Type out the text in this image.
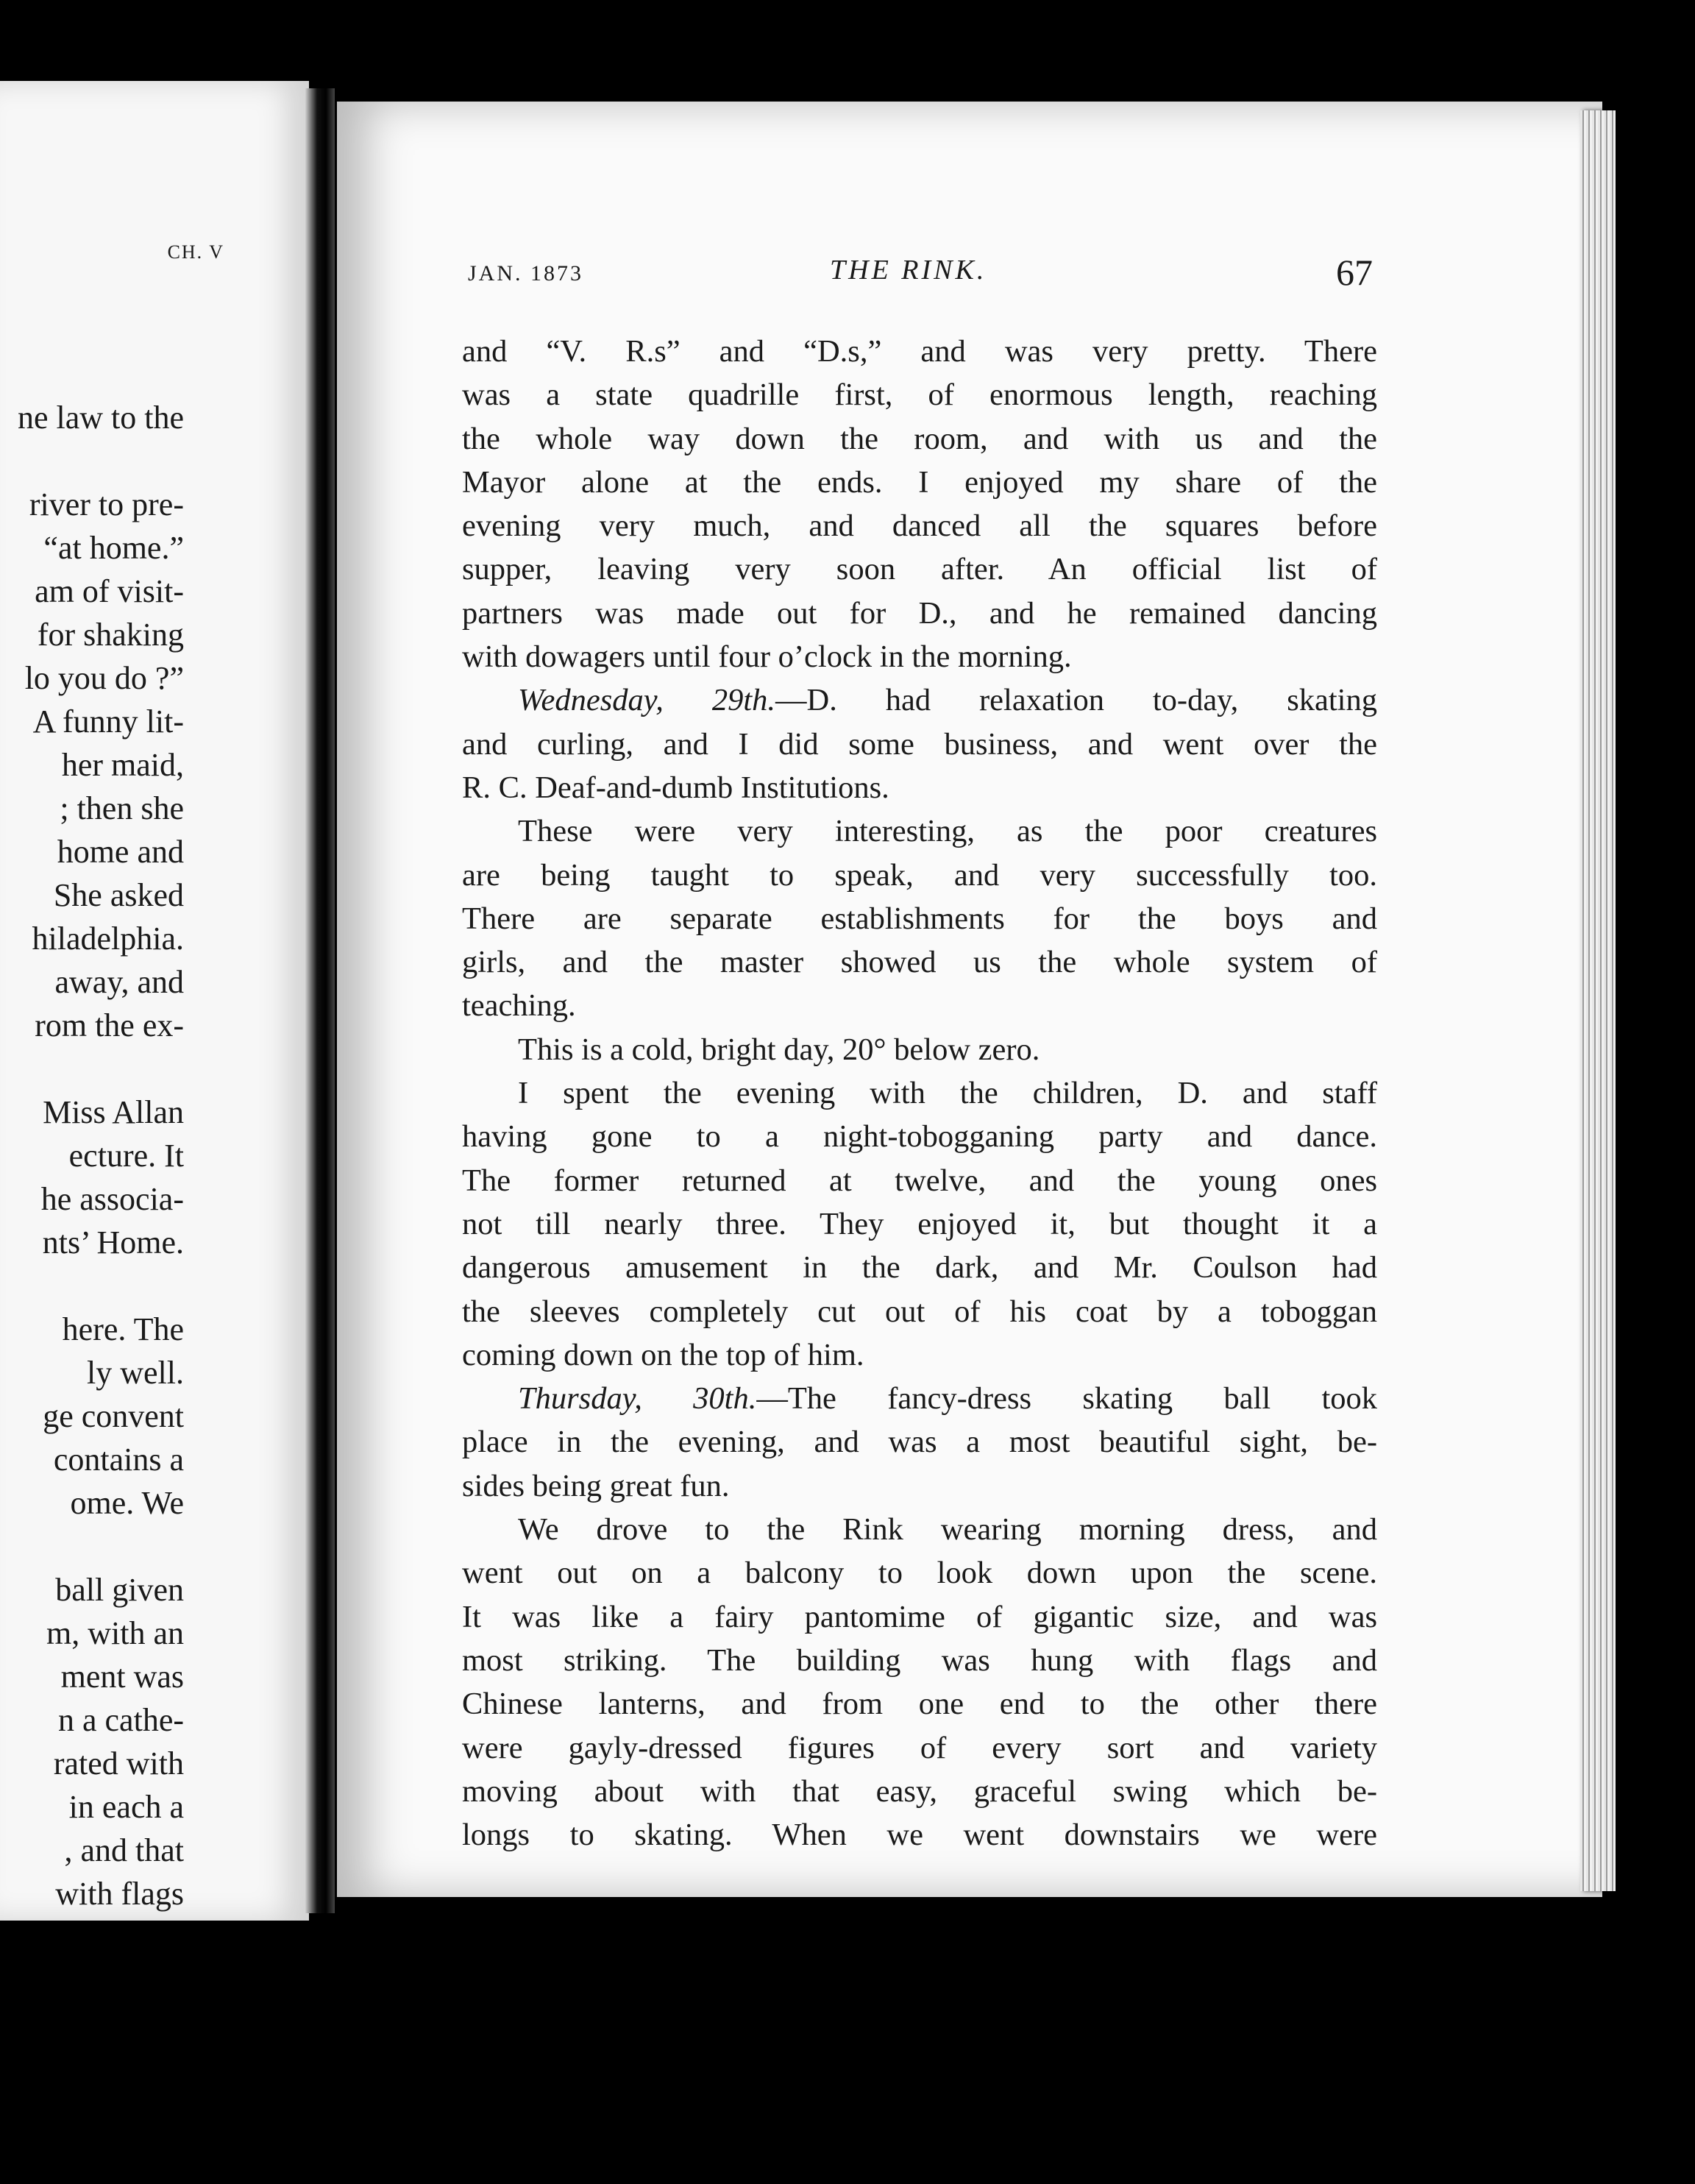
CH. V
ne law to the
river to pre-
“at home.”
am of visit-
for shaking
lo you do ?”
A funny lit-
her maid,
; then she
home and
She asked
hiladelphia.
away, and
rom the ex-
Miss Allan
ecture. It
he associa-
nts’ Home.
here. The
ly well.
ge convent
contains a
ome. We
ball given
m, with an
ment was
n a cathe-
rated with
in each a
, and that
with flags
JAN. 1873	THE RINK.	67
and “V. R.s” and “D.s,” and was very pretty. There
was a state quadrille first, of enormous length, reaching
the whole way down the room, and with us and the
Mayor alone at the ends. I enjoyed my share of the
evening very much, and danced all the squares before
supper, leaving very soon after. An official list of
partners was made out for D., and he remained dancing
with dowagers until four o’clock in the morning.
Wednesday, 29th.—D. had relaxation to-day, skating
and curling, and I did some business, and went over the
R. C. Deaf-and-dumb Institutions.
These were very interesting, as the poor creatures
are being taught to speak, and very successfully too.
There are separate establishments for the boys and
girls, and the master showed us the whole system of
teaching.
This is a cold, bright day, 20° below zero.
I spent the evening with the children, D. and staff
having gone to a night-tobogganing party and dance.
The former returned at twelve, and the young ones
not till nearly three. They enjoyed it, but thought it a
dangerous amusement in the dark, and Mr. Coulson had
the sleeves completely cut out of his coat by a toboggan
coming down on the top of him.
Thursday, 30th.—The fancy-dress skating ball took
place in the evening, and was a most beautiful sight, be-
sides being great fun.
We drove to the Rink wearing morning dress, and
went out on a balcony to look down upon the scene.
It was like a fairy pantomime of gigantic size, and was
most striking. The building was hung with flags and
Chinese lanterns, and from one end to the other there
were gayly-dressed figures of every sort and variety
moving about with that easy, graceful swing which be-
longs to skating. When we went downstairs we were
